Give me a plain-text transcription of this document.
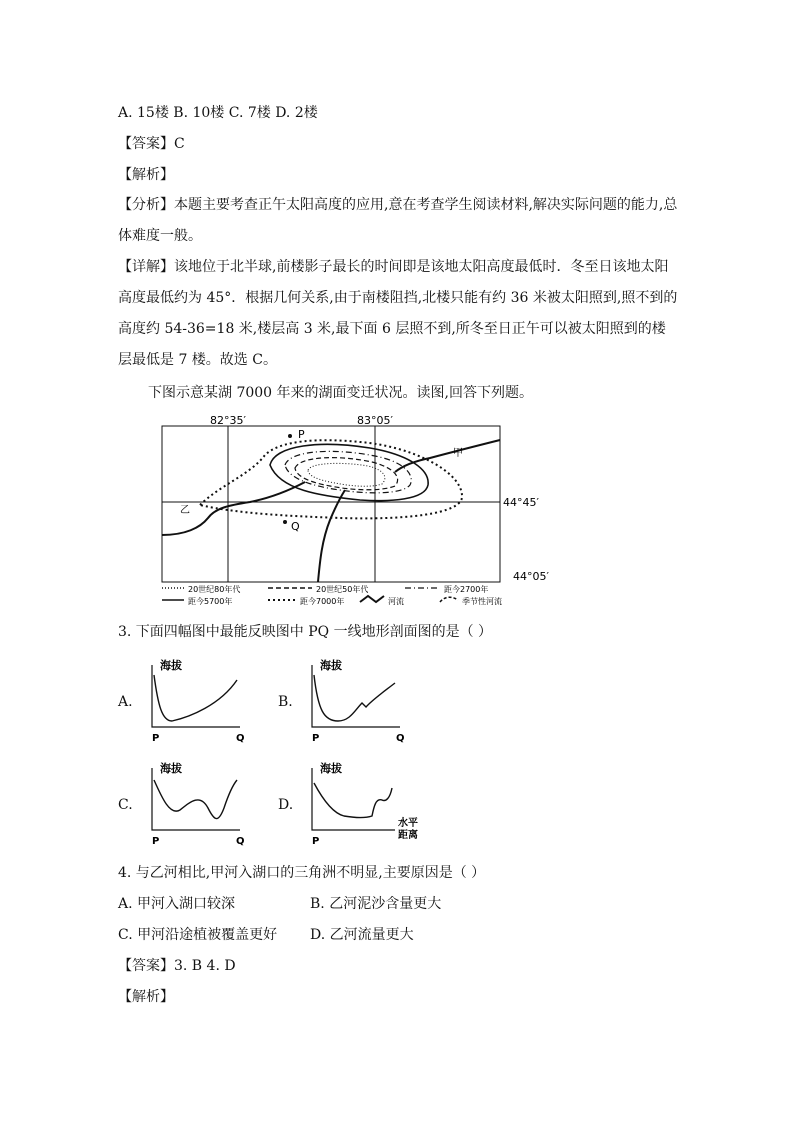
A. 15楼 B. 10楼 C. 7楼 D. 2楼
【答案】C
【解析】
【分析】本题主要考查正午太阳高度的应用,意在考查学生阅读材料,解决实际问题的能力,总体难度一般。
【详解】该地位于北半球,前楼影子最长的时间即是该地太阳高度最低时．冬至日该地太阳高度最低约为 45°．根据几何关系,由于南楼阻挡,北楼只能有约 36 米被太阳照到,照不到的高度约 54-36=18 米,楼层高 3 米,最下面 6 层照不到,所冬至日正午可以被太阳照到的楼层最低是 7 楼。故选 C。
下图示意某湖 7000 年来的湖面变迁状况。读图,回答下列题。
82°35′	83°05′
44°45′
44°05′
P
Q
甲
乙
20世纪80年代	20世纪50年代	距今2700年
距今5700年	距今7000年	河流	季节性河流
3. 下面四幅图中最能反映图中 PQ 一线地形剖面图的是（ ）
A.
海拔
P	Q
B.
海拔
P	Q
C.
海拔
P	Q
D.
海拔
P
水平
距离
4. 与乙河相比,甲河入湖口的三角洲不明显,主要原因是（ ）
A. 甲河入湖口较深	B. 乙河泥沙含量更大
C. 甲河沿途植被覆盖更好 D. 乙河流量更大
【答案】3. B 4. D
【解析】
